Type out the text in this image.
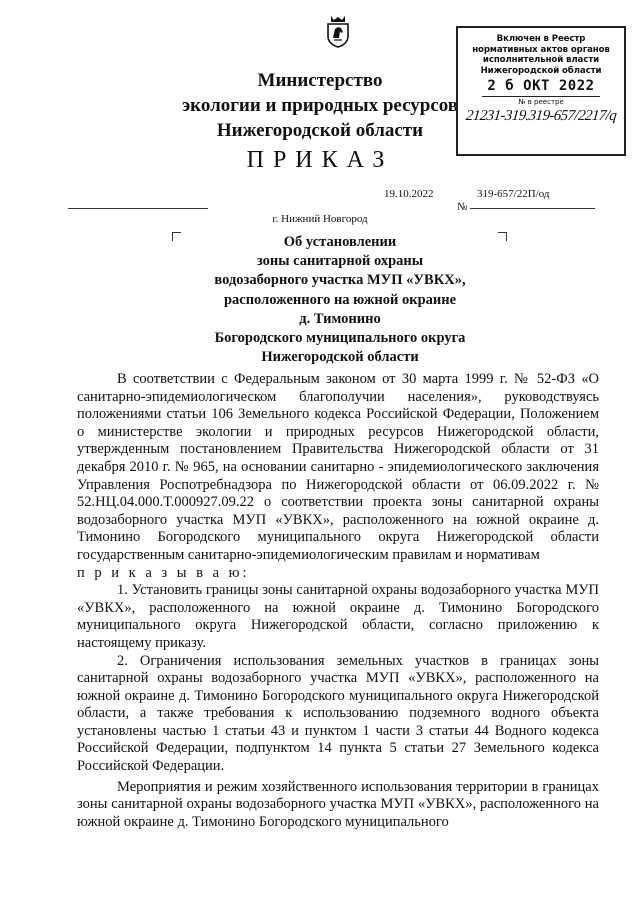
Министерство
экологии и природных ресурсов
Нижегородской области
Включен в Реестр
нормативных актов органов
исполнительной власти
Нижегородской области
2 б ОКТ 2022
№ в реестре
21231-319.319-657/2217/q
ПРИКАЗ
19.10.2022	319-657/22П/од
№
г. Нижний Новгород
Об установлении
зоны санитарной охраны
водозаборного участка МУП «УВКХ»,
расположенного на южной окраине
д. Тимонино
Богородского муниципального округа
Нижегородской области

В соответствии с Федеральным законом от 30 марта 1999 г. № 52-ФЗ «О санитарно-эпидемиологическом благополучии населения», руководствуясь положениями статьи 106 Земельного кодекса Российской Федерации, Положением о министерстве экологии и природных ресурсов Нижегородской области, утвержденным постановлением Правительства Нижегородской области от 31 декабря 2010 г. № 965, на основании санитарно - эпидемиологического заключения Управления Роспотребнадзора по Нижегородской области от 06.09.2022 г. № 52.НЦ.04.000.Т.000927.09.22 о соответствии проекта зоны санитарной охраны водозаборного участка МУП «УВКХ», расположенного на южной окраине д. Тимонино Богородского муниципального округа Нижегородской области государственным санитарно-эпидемиологическим правилам и нормативам

п р и к а з ы в а ю:

1. Установить границы зоны санитарной охраны водозаборного участка МУП «УВКХ», расположенного на южной окраине д. Тимонино Богородского муниципального округа Нижегородской области, согласно приложению к настоящему приказу.

2. Ограничения использования земельных участков в границах зоны санитарной охраны водозаборного участка МУП «УВКХ», расположенного на южной окраине д. Тимонино Богородского муниципального округа Нижегородской области, а также требования к использованию подземного водного объекта установлены частью 1 статьи 43 и пунктом 1 части 3 статьи 44 Водного кодекса Российской Федерации, подпунктом 14 пункта 5 статьи 27 Земельного кодекса Российской Федерации.

Мероприятия и режим хозяйственного использования территории в границах зоны санитарной охраны водозаборного участка МУП «УВКХ», расположенного на южной окраине д. Тимонино Богородского муниципального
